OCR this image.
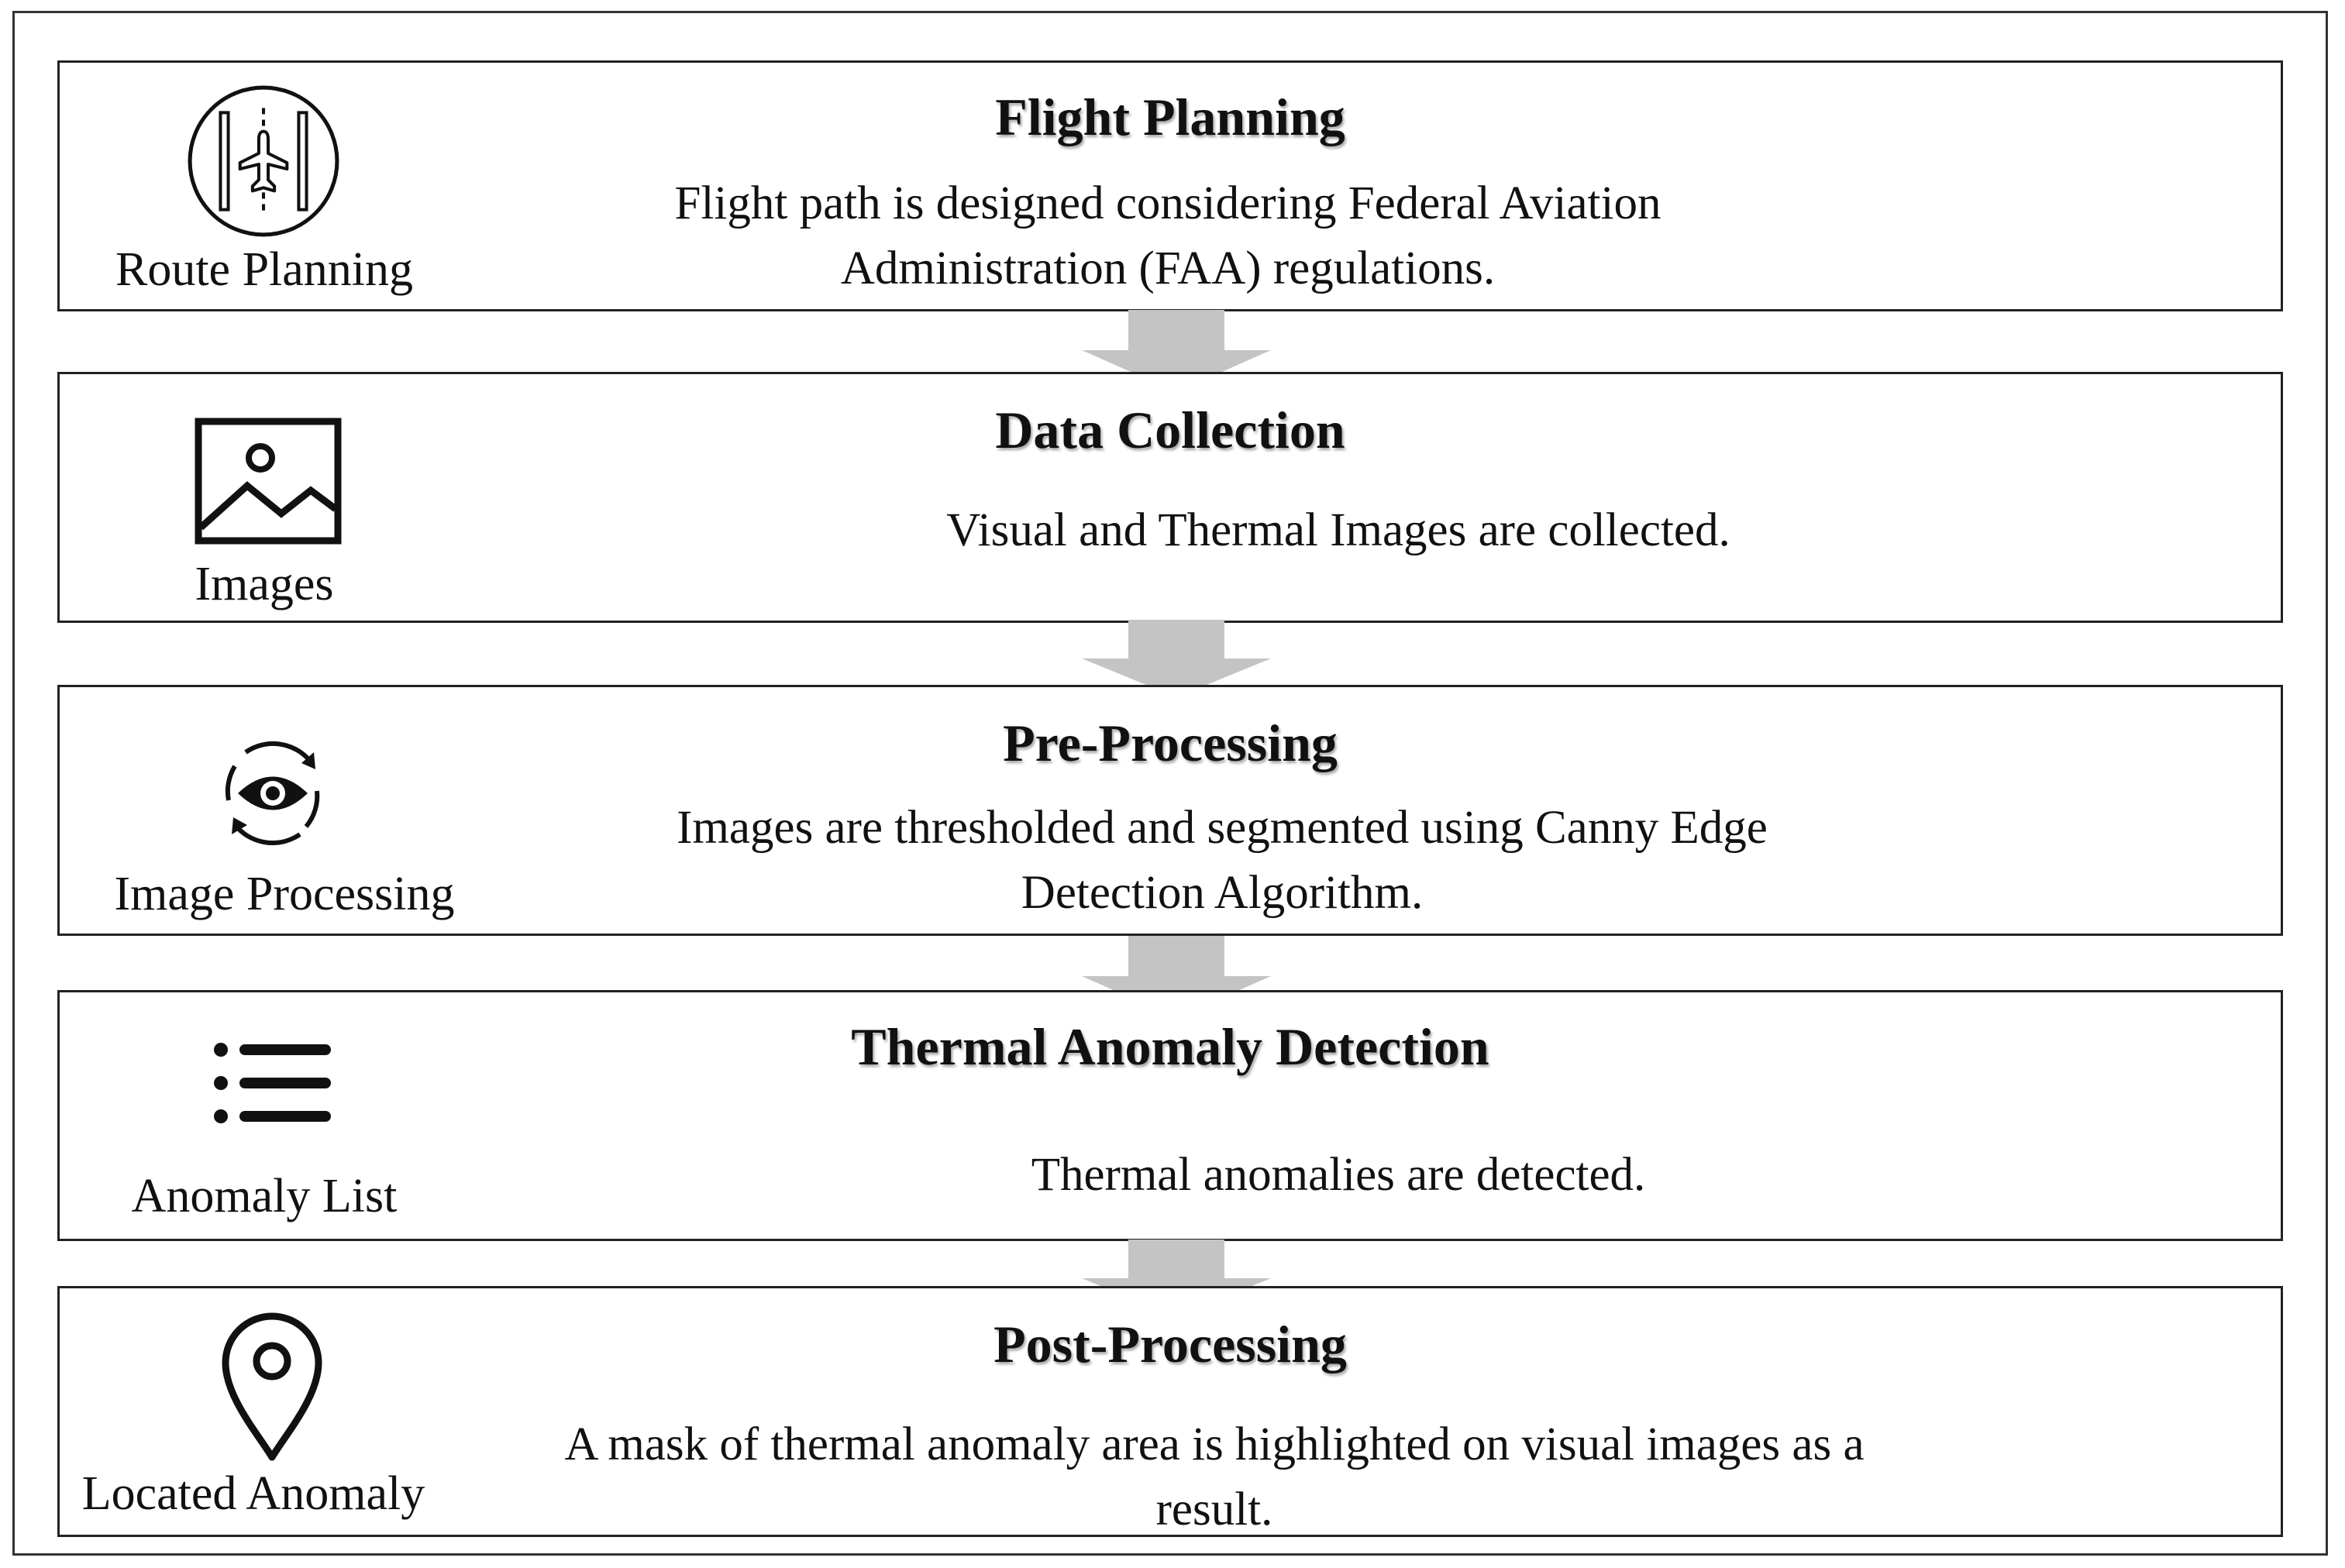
Route Planning
Flight Planning
Flight path is designed considering Federal Aviation
Administration (FAA) regulations.
Images
Data Collection
Visual and Thermal Images are collected.
Image Processing
Pre-Processing
Images are thresholded and segmented using Canny Edge
Detection Algorithm.
Anomaly List
Thermal Anomaly Detection
Thermal anomalies are detected.
Located Anomaly
Post-Processing
A mask of thermal anomaly area is highlighted on visual images as a
result.
